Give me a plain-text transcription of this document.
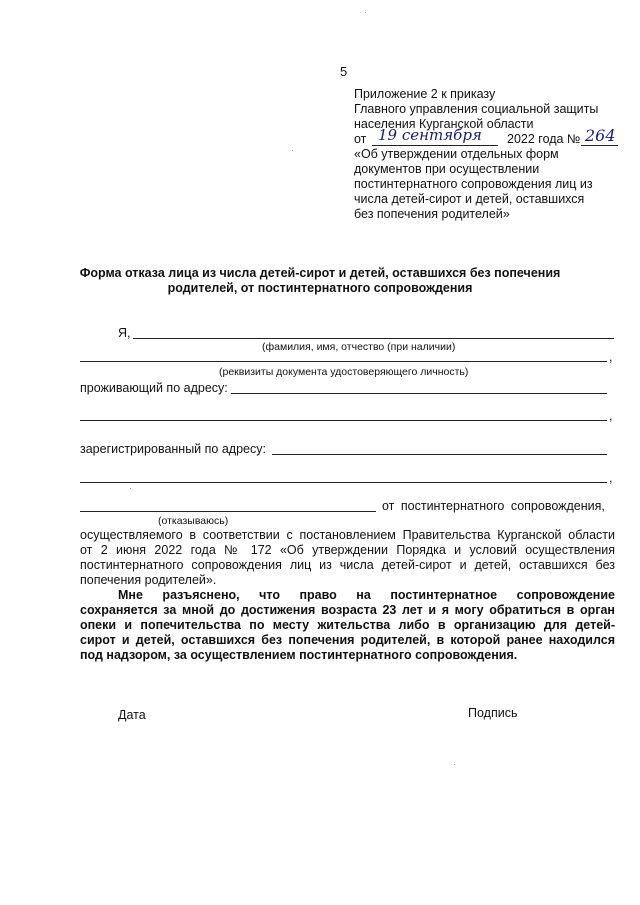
5
Приложение 2 к приказу
Главного управления социальной защиты
населения Курганской области
от 19 сентября 2022 года № 264
«Об утверждении отдельных форм
документов при осуществлении
постинтернатного сопровождения лиц из
числа детей-сирот и детей, оставшихся
без попечения родителей»
Форма отказа лица из числа детей-сирот и детей, оставшихся без попечения
родителей, от постинтернатного сопровождения
Я,
(фамилия, имя, отчество (при наличии)
,
(реквизиты документа удостоверяющего личность)
проживающий по адресу:
,
зарегистрированный по адресу:
,
от постинтернатного сопровождения,
(отказываюсь)
осуществляемого в соответствии с постановлением Правительства Курганской области
от 2 июня 2022 года № 172 «Об утверждении Порядка и условий осуществления
постинтернатного сопровождения лиц из числа детей-сирот и детей, оставшихся без
попечения родителей».
Мне разъяснено, что право на постинтернатное сопровождение
сохраняется за мной до достижения возраста 23 лет и я могу обратиться в орган
опеки и попечительства по месту жительства либо в организацию для детей-
сирот и детей, оставшихся без попечения родителей, в которой ранее находился
под надзором, за осуществлением постинтернатного сопровождения.
Дата	Подпись
